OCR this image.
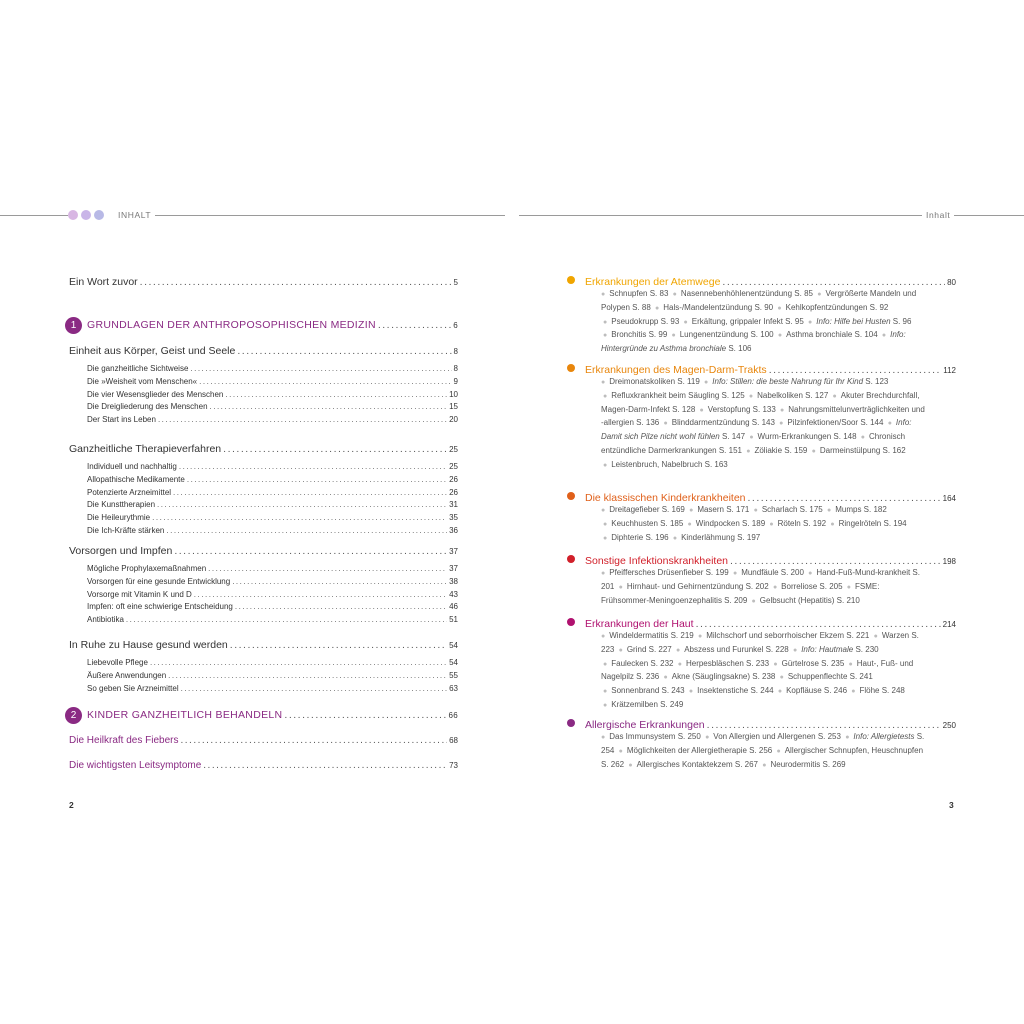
INHALT	Inhalt
Ein Wort zuvor .....	5
1	GRUNDLAGEN DER ANTHROPOSOPHISCHEN MEDIZIN .....	6
Einheit aus Körper, Geist und Seele .....	8
Die ganzheitliche Sichtweise .....	8
Die »Weisheit vom Menschen« .....	9
Die vier Wesensglieder des Menschen .....	10
Die Dreigliederung des Menschen .....	15
Der Start ins Leben .....	20
Ganzheitliche Therapieverfahren .....	25
Individuell und nachhaltig .....	25
Allopathische Medikamente .....	26
Potenzierte Arzneimittel .....	26
Die Kunsttherapien .....	31
Die Heileurythmie .....	35
Die Ich-Kräfte stärken .....	36
Vorsorgen und Impfen .....	37
Mögliche Prophylaxemaßnahmen .....	37
Vorsorgen für eine gesunde Entwicklung .....	38
Vorsorge mit Vitamin K und D .....	43
Impfen: oft eine schwierige Entscheidung .....	46
Antibiotika .....	51
In Ruhe zu Hause gesund werden .....	54
Liebevolle Pflege .....	54
Äußere Anwendungen .....	55
So geben Sie Arzneimittel .....	63
2	KINDER GANZHEITLICH BEHANDELN .....	66
Die Heilkraft des Fiebers .....	68
Die wichtigsten Leitsymptome .....	73
Erkrankungen der Atemwege .....	80
● Schnupfen S. 83 ● Nasennebenhöhlenentzündung S. 85 ● Vergrößerte Mandeln und Polypen S. 88 ● Hals-/Mandelentzündung S. 90 ● Kehlkopfentzündungen S. 92 ● Pseudokrupp S. 93 ● Erkältung, grippaler Infekt S. 95 ● Info: Hilfe bei Husten S. 96 ● Bronchitis S. 99 ● Lungenentzündung S. 100 ● Asthma bronchiale S. 104 ● Info: Hintergründe zu Asthma bronchiale S. 106
Erkrankungen des Magen-Darm-Trakts .....	112
● Dreimonatskoliken S. 119 ● Info: Stillen: die beste Nahrung für Ihr Kind S. 123 ● Refluxkrankheit beim Säugling S. 125 ● Nabelkoliken S. 127 ● Akuter Brechdurchfall, Magen-Darm-Infekt S. 128 ● Verstopfung S. 133 ● Nahrungsmittelunverträglichkeiten und -allergien S. 136 ● Blinddarmentzündung S. 143 ● Pilzinfektionen/Soor S. 144 ● Info: Damit sich Pilze nicht wohl fühlen S. 147 ● Wurm-Erkrankungen S. 148 ● Chronisch entzündliche Darmerkrankungen S. 151 ● Zöliakie S. 159 ● Darmeinstülpung S. 162 ● Leistenbruch, Nabelbruch S. 163
Die klassischen Kinderkrankheiten .....	164
● Dreitagefieber S. 169 ● Masern S. 171 ● Scharlach S. 175 ● Mumps S. 182 ● Keuchhusten S. 185 ● Windpocken S. 189 ● Röteln S. 192 ● Ringelröteln S. 194 ● Diphterie S. 196 ● Kinderlähmung S. 197
Sonstige Infektionskrankheiten .....	198
● Pfeiffersches Drüsenfieber S. 199 ● Mundfäule S. 200 ● Hand-Fuß-Mund-krankheit S. 201 ● Hirnhaut- und Gehirnentzündung S. 202 ● Borreliose S. 205 ● FSME: Frühsommer-Meningoenzephalitis S. 209 ● Gelbsucht (Hepatitis) S. 210
Erkrankungen der Haut .....	214
● Windeldermatitis S. 219 ● Milchschorf und seborrhoischer Ekzem S. 221 ● Warzen S. 223 ● Grind S. 227 ● Abszess und Furunkel S. 228 ● Info: Hautmale S. 230 ● Faulecken S. 232 ● Herpesbläschen S. 233 ● Gürtelrose S. 235 ● Haut-, Fuß- und Nagelpilz S. 236 ● Akne (Säuglingsakne) S. 238 ● Schuppenflechte S. 241 ● Sonnenbrand S. 243 ● Insektenstiche S. 244 ● Kopfläuse S. 246 ● Flöhe S. 248 ● Krätzemilben S. 249
Allergische Erkrankungen .....	250
● Das Immunsystem S. 250 ● Von Allergien und Allergenen S. 253 ● Info: Allergietests S. 254 ● Möglichkeiten der Allergietherapie S. 256 ● Allergischer Schnupfen, Heuschnupfen S. 262 ● Allergisches Kontaktekzem S. 267 ● Neurodermitis S. 269
2	3
